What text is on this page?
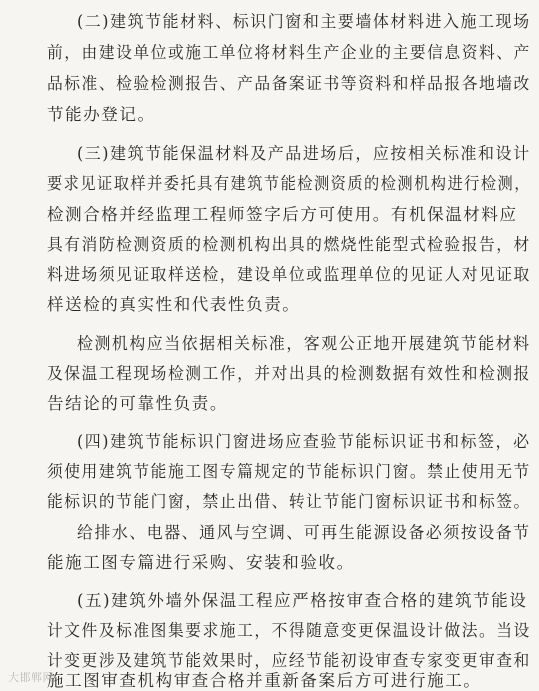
(二)建筑节能材料、标识门窗和主要墙体材料进入施工现场
前，由建设单位或施工单位将材料生产企业的主要信息资料、产
品标准、检验检测报告、产品备案证书等资料和样品报各地墙改
节能办登记。
(三)建筑节能保温材料及产品进场后，应按相关标准和设计
要求见证取样并委托具有建筑节能检测资质的检测机构进行检测，
检测合格并经监理工程师签字后方可使用。有机保温材料应
具有消防检测资质的检测机构出具的燃烧性能型式检验报告，材
料进场须见证取样送检，建设单位或监理单位的见证人对见证取
样送检的真实性和代表性负责。
检测机构应当依据相关标准，客观公正地开展建筑节能材料
及保温工程现场检测工作，并对出具的检测数据有效性和检测报
告结论的可靠性负责。
(四)建筑节能标识门窗进场应查验节能标识证书和标签，必
须使用建筑节能施工图专篇规定的节能标识门窗。禁止使用无节
能标识的节能门窗，禁止出借、转让节能门窗标识证书和标签。
给排水、电器、通风与空调、可再生能源设备必须按设备节
能施工图专篇进行采购、安装和验收。
(五)建筑外墙外保温工程应严格按审查合格的建筑节能设
计文件及标准图集要求施工，不得随意变更保温设计做法。当设
计变更涉及建筑节能效果时，应经节能初设审查专家变更审查和
施工图审查机构审查合格并重新备案后方可进行施工。
大邯郸网
